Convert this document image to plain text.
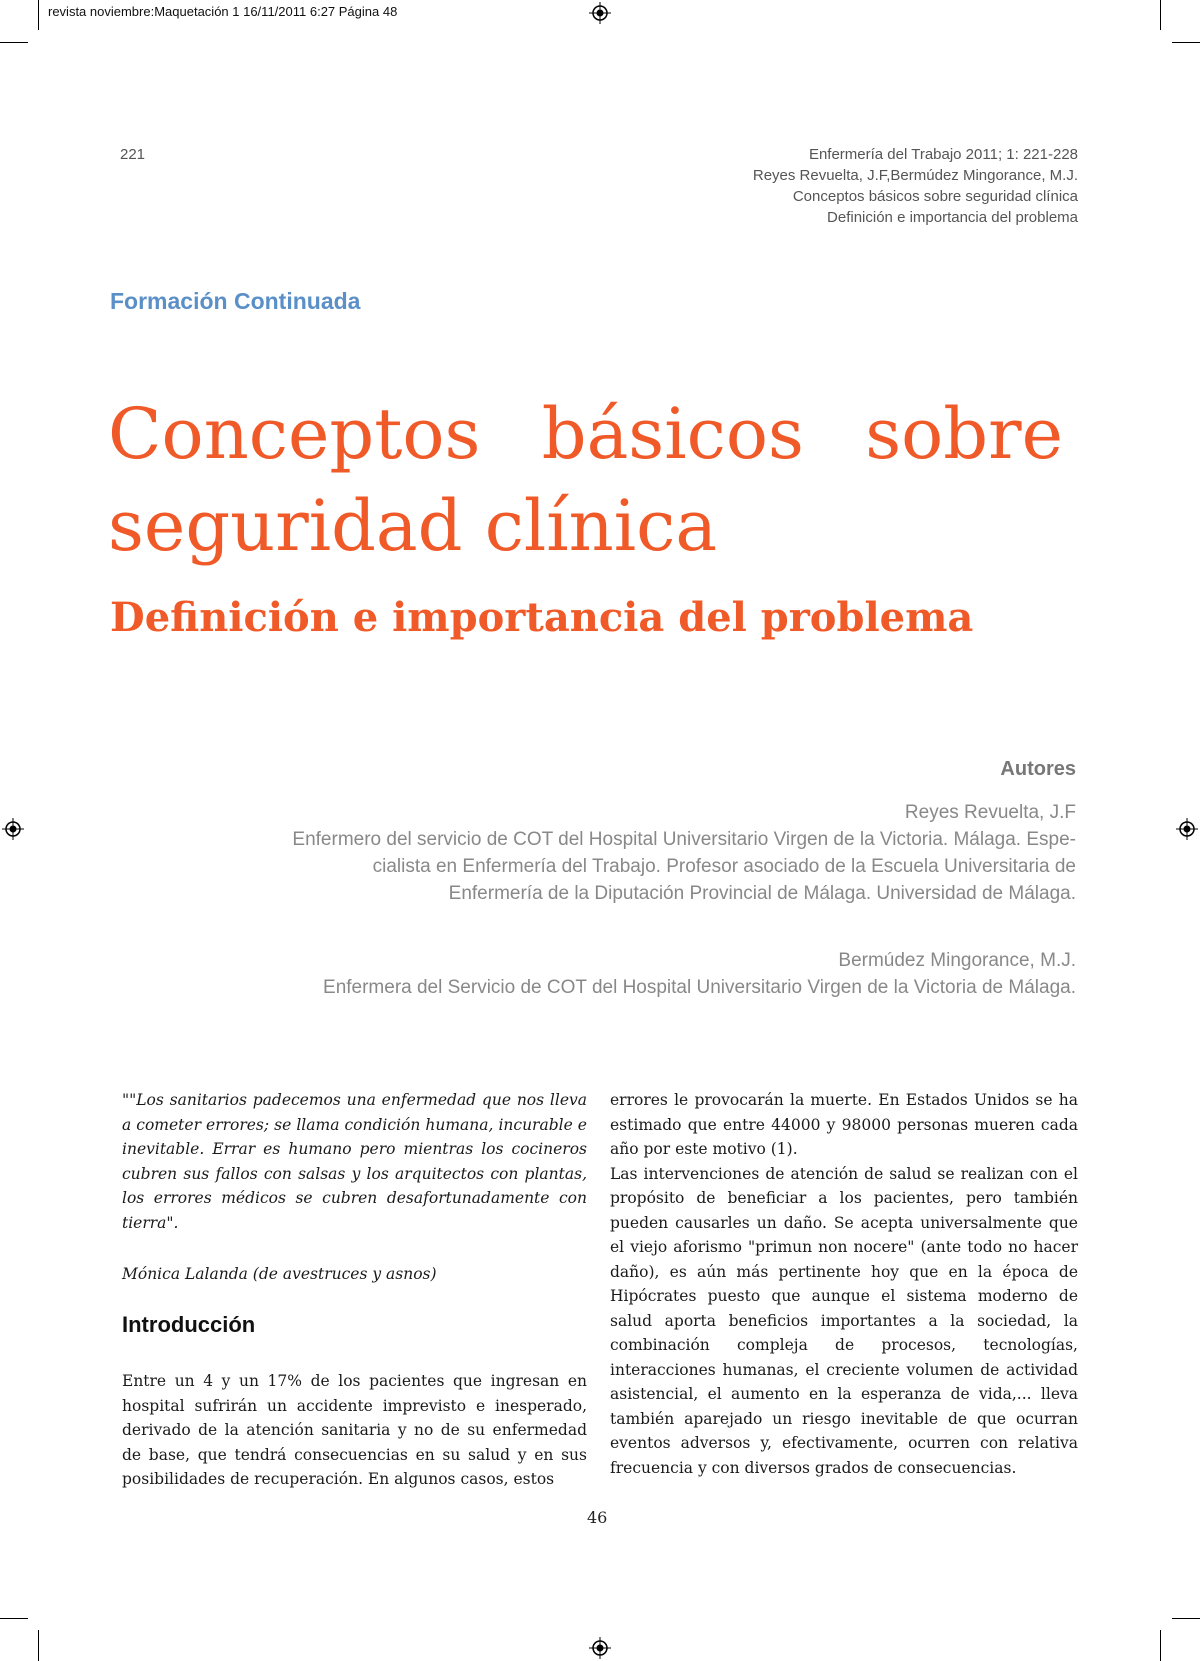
revista noviembre:Maquetación 1 16/11/2011 6:27 Página 48
221	Enfermería del Trabajo 2011; 1: 221-228
Reyes Revuelta, J.F,Bermúdez Mingorance, M.J.
Conceptos básicos sobre seguridad clínica
Definición e importancia del problema
Formación Continuada
Conceptos básicos sobre
seguridad clínica
Definición e importancia del problema
Autores
Reyes Revuelta, J.F
Enfermero del servicio de COT del Hospital Universitario Virgen de la Victoria. Málaga. Espe-
cialista en Enfermería del Trabajo. Profesor asociado de la Escuela Universitaria de
Enfermería de la Diputación Provincial de Málaga. Universidad de Málaga.
Bermúdez Mingorance, M.J.
Enfermera del Servicio de COT del Hospital Universitario Virgen de la Victoria de Málaga.
""Los sanitarios padecemos una enfermedad que nos lleva a cometer errores; se llama condición humana, incurable e inevitable. Errar es humano pero mientras los cocineros cubren sus fallos con salsas y los arquitectos con plantas, los errores médicos se cubren desafortunadamente con tierra".
Mónica Lalanda (de avestruces y asnos)
Introducción
Entre un 4 y un 17% de los pacientes que ingresan en hospital sufrirán un accidente imprevisto e inesperado, derivado de la atención sanitaria y no de su enfermedad de base, que tendrá consecuencias en su salud y en sus posibilidades de recuperación. En algunos casos, estos

errores le provocarán la muerte. En Estados Unidos se ha estimado que entre 44000 y 98000 personas mueren cada año por este motivo (1).

Las intervenciones de atención de salud se realizan con el propósito de beneficiar a los pacientes, pero también pueden causarles un daño. Se acepta universalmente que el viejo aforismo "primun non nocere" (ante todo no hacer daño), es aún más pertinente hoy que en la época de Hipócrates puesto que aunque el sistema moderno de salud aporta beneficios importantes a la sociedad, la combinación compleja de procesos, tecnologías, interacciones humanas, el creciente volumen de actividad asistencial, el aumento en la esperanza de vida,... lleva también aparejado un riesgo inevitable de que ocurran eventos adversos y, efectivamente, ocurren con relativa frecuencia y con diversos grados de consecuencias.

46
